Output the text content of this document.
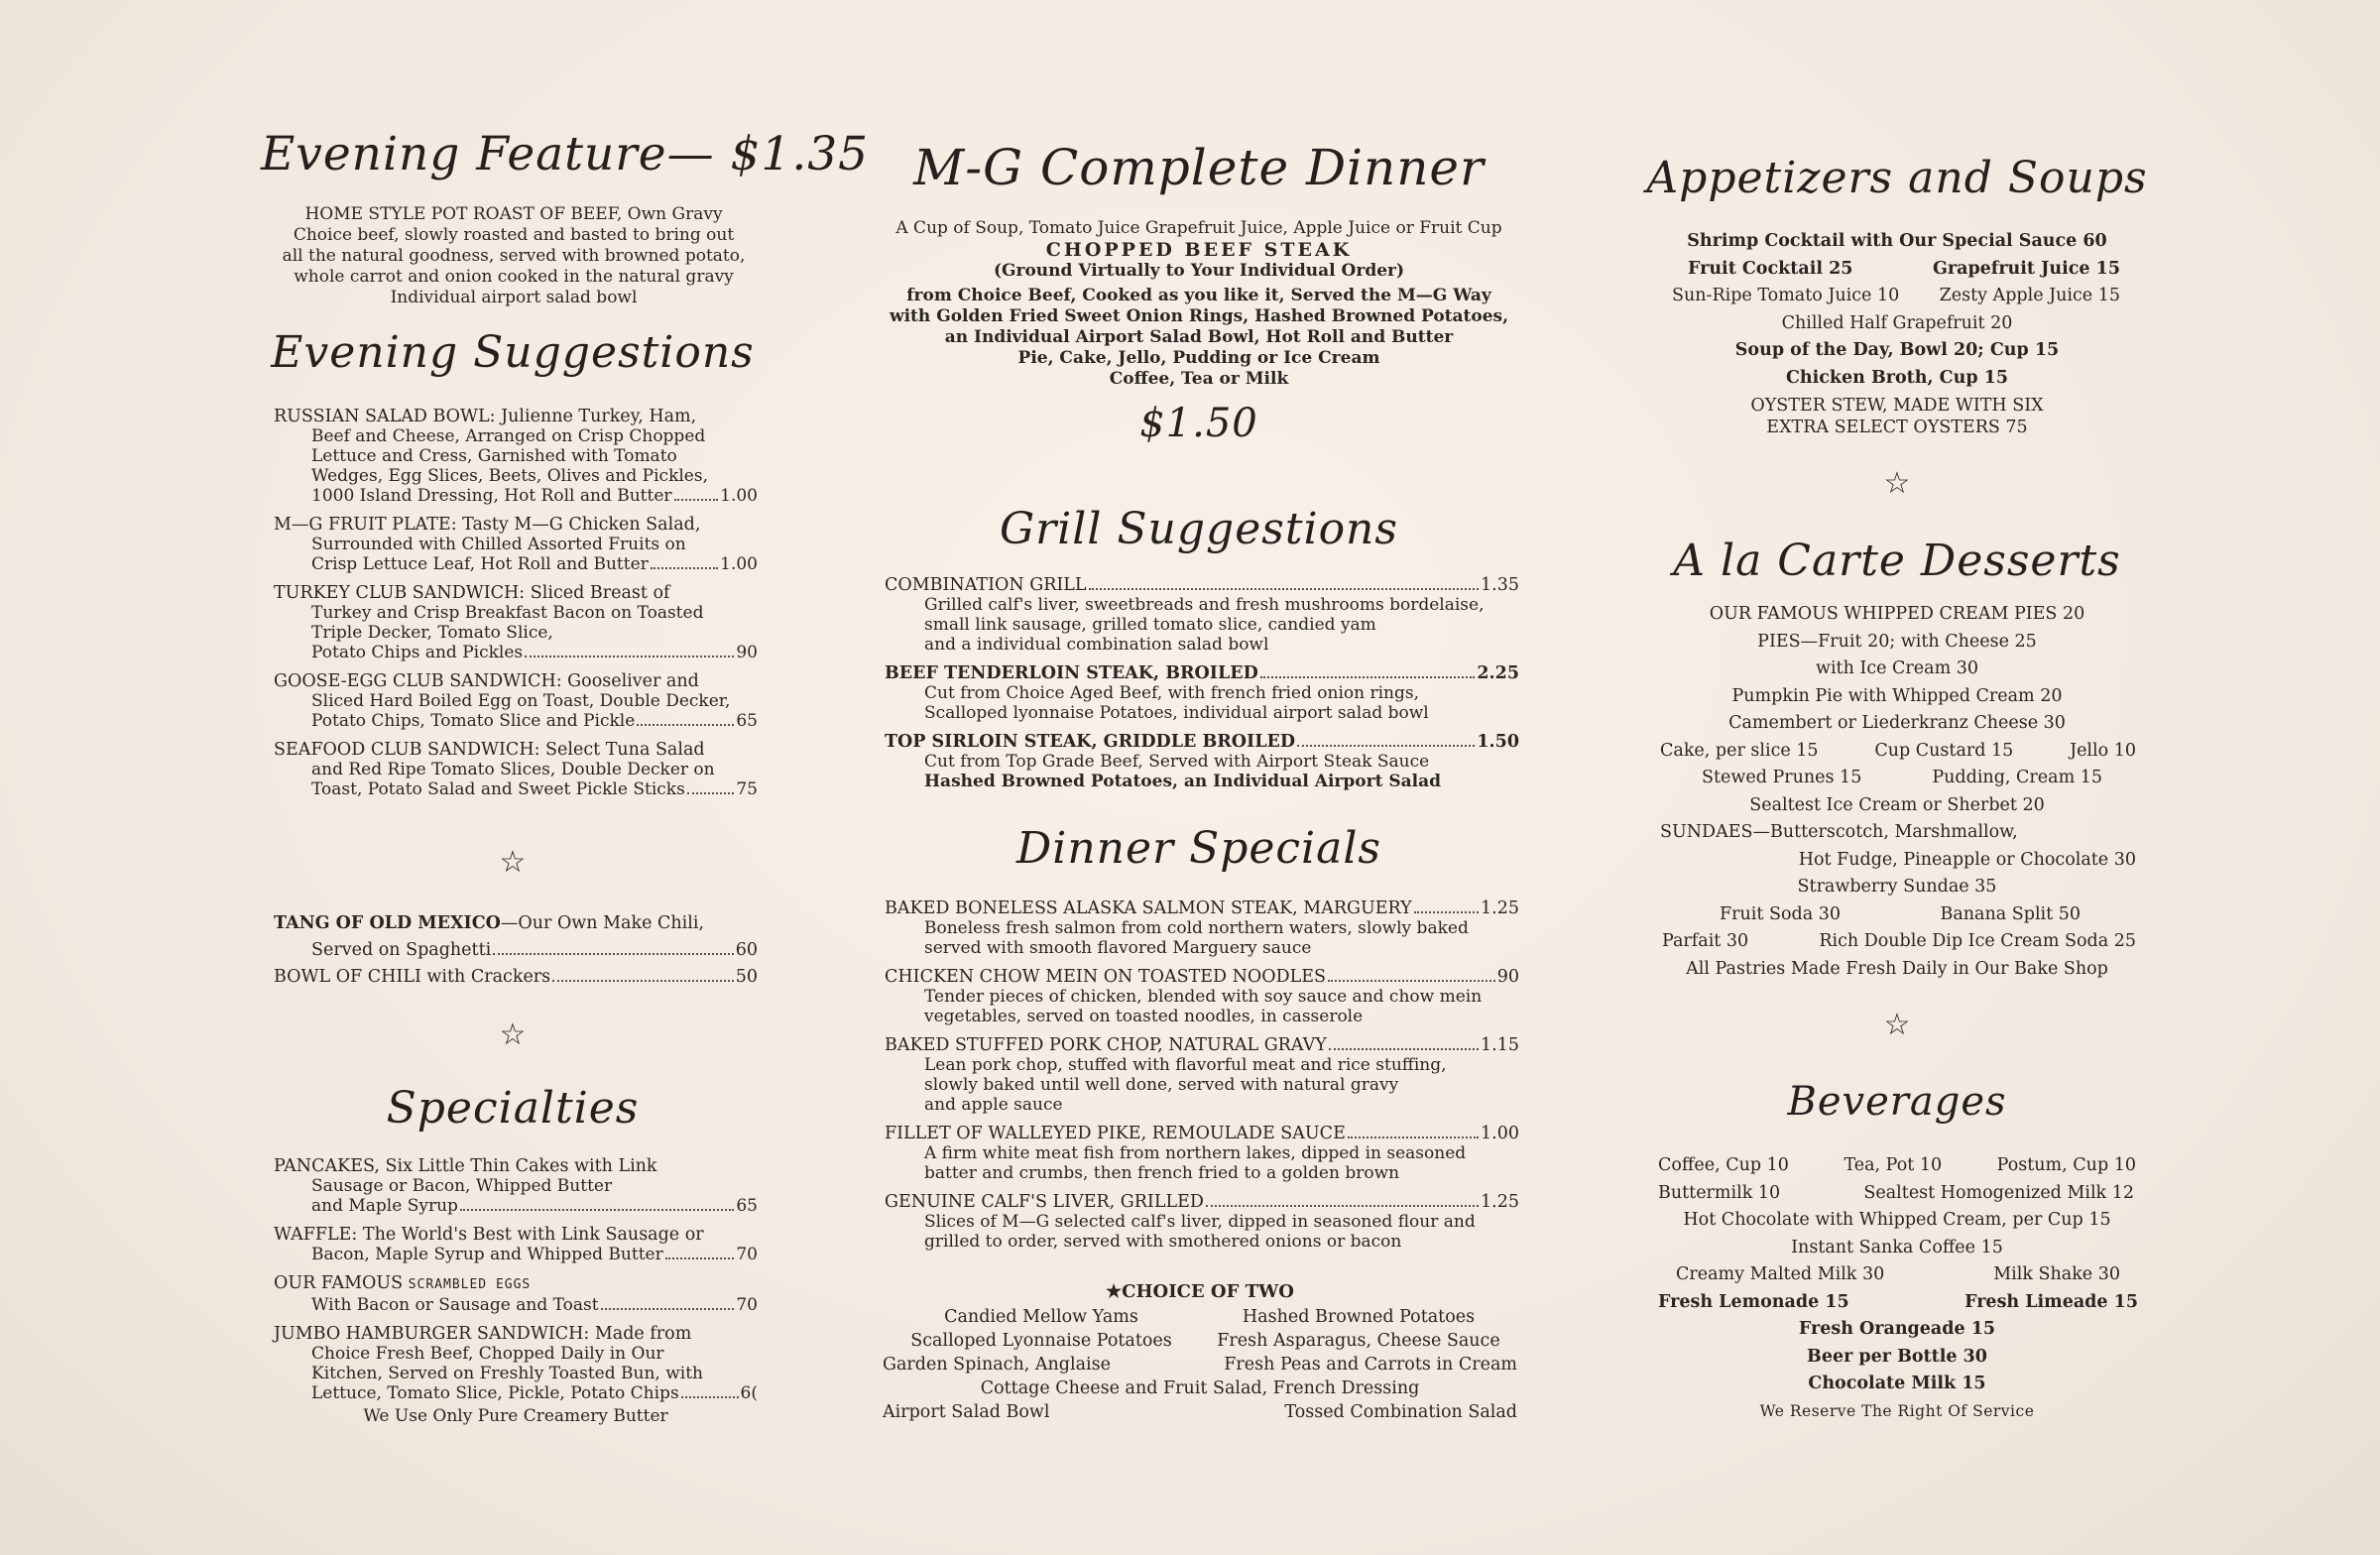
Evening Feature— $1.35
HOME STYLE POT ROAST OF BEEF, Own Gravy
Choice beef, slowly roasted and basted to bring out
all the natural goodness, served with browned potato,
whole carrot and onion cooked in the natural gravy
Individual airport salad bowl
Evening Suggestions
RUSSIAN SALAD BOWL: Julienne Turkey, Ham,
Beef and Cheese, Arranged on Crisp Chopped
Lettuce and Cress, Garnished with Tomato
Wedges, Egg Slices, Beets, Olives and Pickles,
1000 Island Dressing, Hot Roll and Butter	1.00
M—G FRUIT PLATE: Tasty M—G Chicken Salad,
Surrounded with Chilled Assorted Fruits on
Crisp Lettuce Leaf, Hot Roll and Butter	1.00
TURKEY CLUB SANDWICH: Sliced Breast of
Turkey and Crisp Breakfast Bacon on Toasted
Triple Decker, Tomato Slice,
Potato Chips and Pickles	90
GOOSE-EGG CLUB SANDWICH: Gooseliver and
Sliced Hard Boiled Egg on Toast, Double Decker,
Potato Chips, Tomato Slice and Pickle	65
SEAFOOD CLUB SANDWICH: Select Tuna Salad
and Red Ripe Tomato Slices, Double Decker on
Toast, Potato Salad and Sweet Pickle Sticks	75
☆
TANG OF OLD MEXICO—Our Own Make Chili,
Served on Spaghetti	60
BOWL OF CHILI with Crackers	50
☆
Specialties
PANCAKES, Six Little Thin Cakes with Link
Sausage or Bacon, Whipped Butter
and Maple Syrup	65
WAFFLE: The World's Best with Link Sausage or
Bacon, Maple Syrup and Whipped Butter	70
OUR FAMOUS SCRAMBLED EGGS
With Bacon or Sausage and Toast	70
JUMBO HAMBURGER SANDWICH: Made from
Choice Fresh Beef, Chopped Daily in Our
Kitchen, Served on Freshly Toasted Bun, with
Lettuce, Tomato Slice, Pickle, Potato Chips	6(
We Use Only Pure Creamery Butter
M-G Complete Dinner
A Cup of Soup, Tomato Juice Grapefruit Juice, Apple Juice or Fruit Cup
CHOPPED BEEF STEAK
(Ground Virtually to Your Individual Order)
from Choice Beef, Cooked as you like it, Served the M—G Way
with Golden Fried Sweet Onion Rings, Hashed Browned Potatoes,
an Individual Airport Salad Bowl, Hot Roll and Butter
Pie, Cake, Jello, Pudding or Ice Cream
Coffee, Tea or Milk
$1.50
Grill Suggestions
COMBINATION GRILL	1.35
Grilled calf's liver, sweetbreads and fresh mushrooms bordelaise,
small link sausage, grilled tomato slice, candied yam
and a individual combination salad bowl
BEEF TENDERLOIN STEAK, BROILED	2.25
Cut from Choice Aged Beef, with french fried onion rings,
Scalloped lyonnaise Potatoes, individual airport salad bowl
TOP SIRLOIN STEAK, GRIDDLE BROILED	1.50
Cut from Top Grade Beef, Served with Airport Steak Sauce
Hashed Browned Potatoes, an Individual Airport Salad
Dinner Specials
BAKED BONELESS ALASKA SALMON STEAK, MARGUERY	1.25
Boneless fresh salmon from cold northern waters, slowly baked
served with smooth flavored Marguery sauce
CHICKEN CHOW MEIN ON TOASTED NOODLES	90
Tender pieces of chicken, blended with soy sauce and chow mein
vegetables, served on toasted noodles, in casserole
BAKED STUFFED PORK CHOP, NATURAL GRAVY	1.15
Lean pork chop, stuffed with flavorful meat and rice stuffing,
slowly baked until well done, served with natural gravy
and apple sauce
FILLET OF WALLEYED PIKE, REMOULADE SAUCE	1.00
A firm white meat fish from northern lakes, dipped in seasoned
batter and crumbs, then french fried to a golden brown
GENUINE CALF'S LIVER, GRILLED	1.25
Slices of M—G selected calf's liver, dipped in seasoned flour and
grilled to order, served with smothered onions or bacon
★CHOICE OF TWO
Candied Mellow Yams	Hashed Browned Potatoes
Scalloped Lyonnaise Potatoes	Fresh Asparagus, Cheese Sauce
Garden Spinach, Anglaise	Fresh Peas and Carrots in Cream
Cottage Cheese and Fruit Salad, French Dressing
Airport Salad Bowl	Tossed Combination Salad
Appetizers and Soups
Shrimp Cocktail with Our Special Sauce 60
Fruit Cocktail 25	Grapefruit Juice 15
Sun-Ripe Tomato Juice 10 Zesty Apple Juice 15
Chilled Half Grapefruit 20
Soup of the Day, Bowl 20; Cup 15
Chicken Broth, Cup 15
OYSTER STEW, MADE WITH SIX
EXTRA SELECT OYSTERS 75
☆
A la Carte Desserts
OUR FAMOUS WHIPPED CREAM PIES 20
PIES—Fruit 20; with Cheese 25
with Ice Cream 30
Pumpkin Pie with Whipped Cream 20
Camembert or Liederkranz Cheese 30
Cake, per slice 15	Cup Custard 15	Jello 10
Stewed Prunes 15	Pudding, Cream 15
Sealtest Ice Cream or Sherbet 20
SUNDAES—Butterscotch, Marshmallow,
Hot Fudge, Pineapple or Chocolate 30
Strawberry Sundae 35
Fruit Soda 30	Banana Split 50
Parfait 30	Rich Double Dip Ice Cream Soda 25
All Pastries Made Fresh Daily in Our Bake Shop
☆
Beverages
Coffee, Cup 10	Tea, Pot 10	Postum, Cup 10
Buttermilk 10	Sealtest Homogenized Milk 12
Hot Chocolate with Whipped Cream, per Cup 15
Instant Sanka Coffee 15
Creamy Malted Milk 30	Milk Shake 30
Fresh Lemonade 15	Fresh Limeade 15
Fresh Orangeade 15
Beer per Bottle 30
Chocolate Milk 15
We Reserve The Right Of Service
